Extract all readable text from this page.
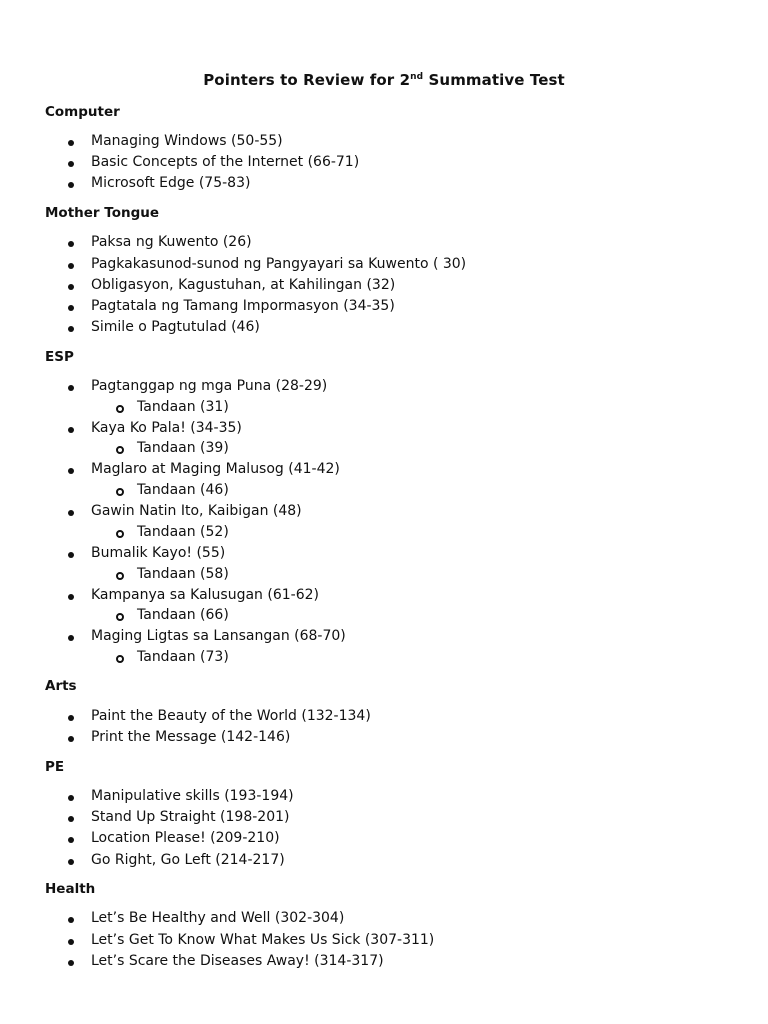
Pointers to Review for 2nd Summative Test
Computer
Managing Windows (50-55)
Basic Concepts of the Internet (66-71)
Microsoft Edge (75-83)
Mother Tongue
Paksa ng Kuwento (26)
Pagkakasunod-sunod ng Pangyayari sa Kuwento ( 30)
Obligasyon, Kagustuhan, at Kahilingan (32)
Pagtatala ng Tamang Impormasyon (34-35)
Simile o Pagtutulad (46)
ESP
Pagtanggap ng mga Puna (28-29)
Tandaan (31)
Kaya Ko Pala! (34-35)
Tandaan (39)
Maglaro at Maging Malusog (41-42)
Tandaan (46)
Gawin Natin Ito, Kaibigan (48)
Tandaan (52)
Bumalik Kayo! (55)
Tandaan (58)
Kampanya sa Kalusugan (61-62)
Tandaan (66)
Maging Ligtas sa Lansangan (68-70)
Tandaan (73)
Arts
Paint the Beauty of the World (132-134)
Print the Message (142-146)
PE
Manipulative skills (193-194)
Stand Up Straight (198-201)
Location Please! (209-210)
Go Right, Go Left (214-217)
Health
Let’s Be Healthy and Well (302-304)
Let’s Get To Know What Makes Us Sick (307-311)
Let’s Scare the Diseases Away! (314-317)
